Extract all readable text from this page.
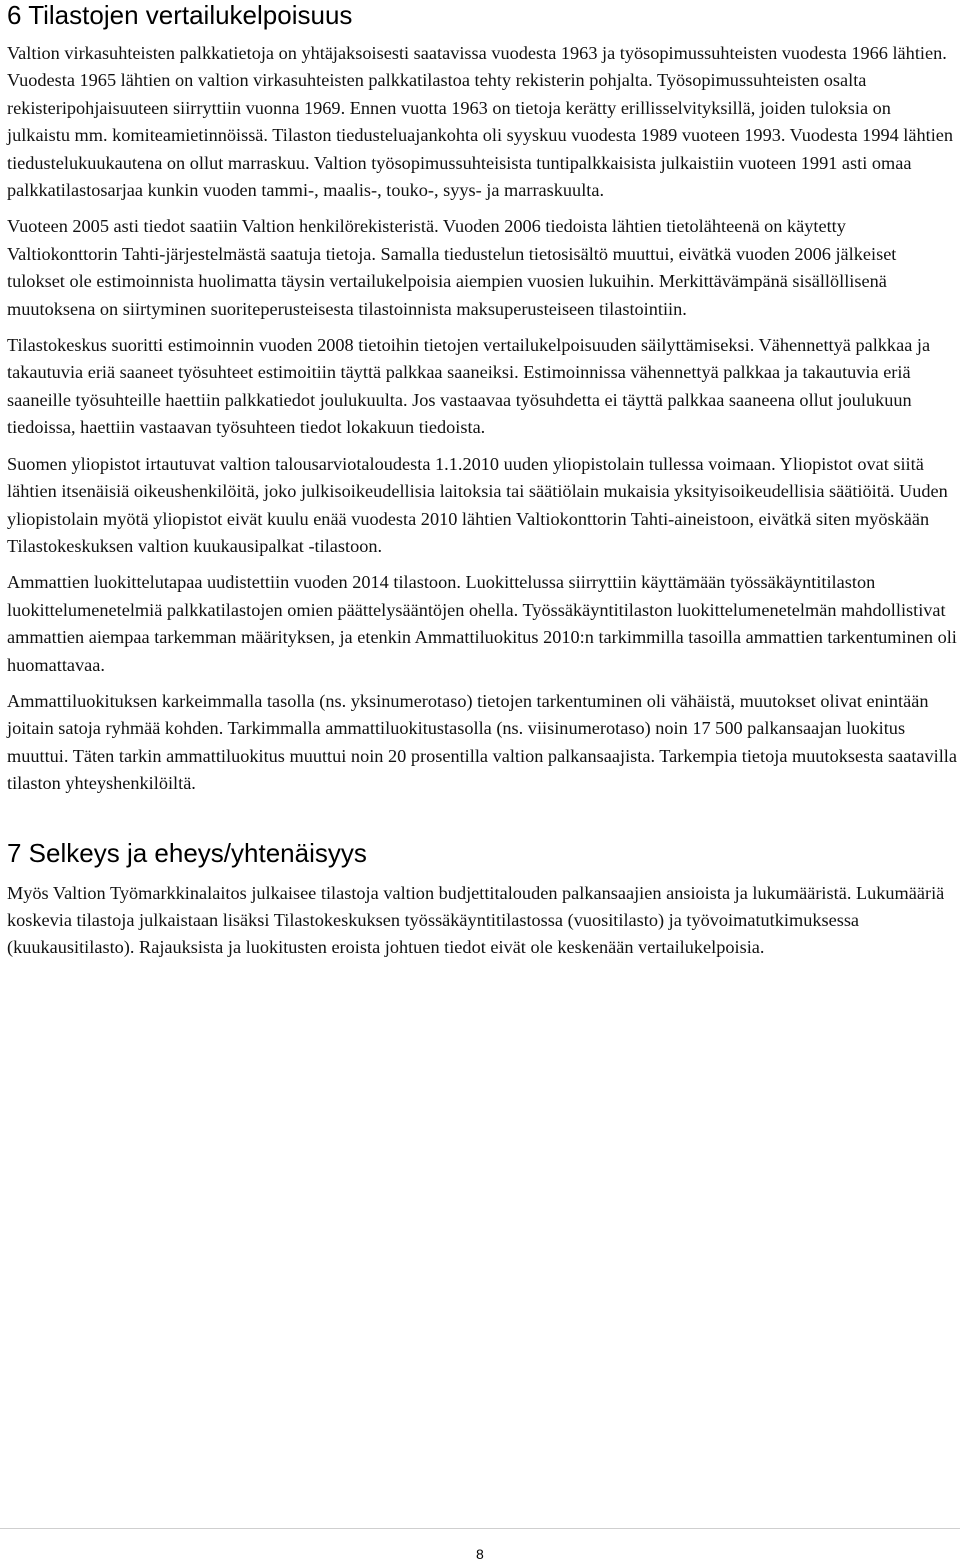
6 Tilastojen vertailukelpoisuus

Valtion virkasuhteisten palkkatietoja on yhtäjaksoisesti saatavissa vuodesta 1963 ja työsopimussuhteisten vuodesta 1966 lähtien. Vuodesta 1965 lähtien on valtion virkasuhteisten palkkatilastoa tehty rekisterin pohjalta. Työsopimussuhteisten osalta rekisteripohjaisuuteen siirryttiin vuonna 1969. Ennen vuotta 1963 on tietoja kerätty erillisselvityksillä, joiden tuloksia on julkaistu mm. komiteamietinnöissä. Tilaston tiedusteluajankohta oli syyskuu vuodesta 1989 vuoteen 1993. Vuodesta 1994 lähtien tiedustelukuukautena on ollut marraskuu. Valtion työsopimussuhteisista tuntipalkkaisista julkaistiin vuoteen 1991 asti omaa palkkatilastosarjaa kunkin vuoden tammi-, maalis-, touko-, syys- ja marraskuulta.

Vuoteen 2005 asti tiedot saatiin Valtion henkilörekisteristä. Vuoden 2006 tiedoista lähtien tietolähteenä on käytetty Valtiokonttorin Tahti-järjestelmästä saatuja tietoja. Samalla tiedustelun tietosisältö muuttui, eivätkä vuoden 2006 jälkeiset tulokset ole estimoinnista huolimatta täysin vertailukelpoisia aiempien vuosien lukuihin. Merkittävämpänä sisällöllisenä muutoksena on siirtyminen suoriteperusteisesta tilastoinnista maksuperusteiseen tilastointiin.

Tilastokeskus suoritti estimoinnin vuoden 2008 tietoihin tietojen vertailukelpoisuuden säilyttämiseksi. Vähennettyä palkkaa ja takautuvia eriä saaneet työsuhteet estimoitiin täyttä palkkaa saaneiksi. Estimoinnissa vähennettyä palkkaa ja takautuvia eriä saaneille työsuhteille haettiin palkkatiedot joulukuulta. Jos vastaavaa työsuhdetta ei täyttä palkkaa saaneena ollut joulukuun tiedoissa, haettiin vastaavan työsuhteen tiedot lokakuun tiedoista.

Suomen yliopistot irtautuvat valtion talousarviotaloudesta 1.1.2010 uuden yliopistolain tullessa voimaan. Yliopistot ovat siitä lähtien itsenäisiä oikeushenkilöitä, joko julkisoikeudellisia laitoksia tai säätiölain mukaisia yksityisoikeudellisia säätiöitä. Uuden yliopistolain myötä yliopistot eivät kuulu enää vuodesta 2010 lähtien Valtiokonttorin Tahti-aineistoon, eivätkä siten myöskään Tilastokeskuksen valtion kuukausipalkat -tilastoon.

Ammattien luokittelutapaa uudistettiin vuoden 2014 tilastoon. Luokittelussa siirryttiin käyttämään työssäkäyntitilaston luokittelumenetelmiä palkkatilastojen omien päättelysääntöjen ohella. Työssäkäyntitilaston luokittelumenetelmän mahdollistivat ammattien aiempaa tarkemman määrityksen, ja etenkin Ammattiluokitus 2010:n tarkimmilla tasoilla ammattien tarkentuminen oli huomattavaa.

Ammattiluokituksen karkeimmalla tasolla (ns. yksinumerotaso) tietojen tarkentuminen oli vähäistä, muutokset olivat enintään joitain satoja ryhmää kohden. Tarkimmalla ammattiluokitustasolla (ns. viisinumerotaso) noin 17 500 palkansaajan luokitus muuttui. Täten tarkin ammattiluokitus muuttui noin 20 prosentilla valtion palkansaajista. Tarkempia tietoja muutoksesta saatavilla tilaston yhteyshenkilöiltä.

7 Selkeys ja eheys/yhtenäisyys

Myös Valtion Työmarkkinalaitos julkaisee tilastoja valtion budjettitalouden palkansaajien ansioista ja lukumääristä. Lukumääriä koskevia tilastoja julkaistaan lisäksi Tilastokeskuksen työssäkäyntitilastossa (vuositilasto) ja työvoimatutkimuksessa (kuukausitilasto). Rajauksista ja luokitusten eroista johtuen tiedot eivät ole keskenään vertailukelpoisia.

8
